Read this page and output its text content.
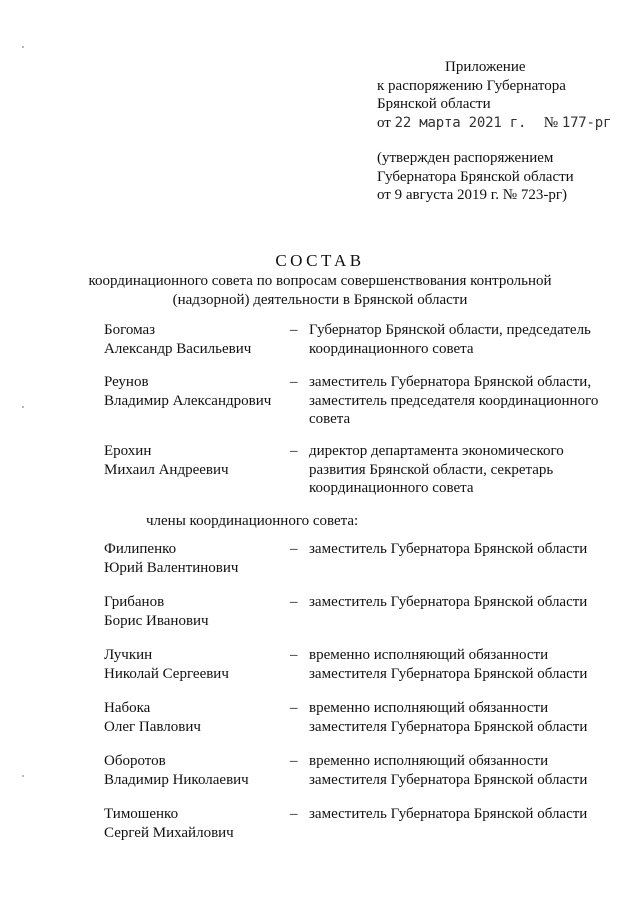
Приложение
к распоряжению Губернатора
Брянской области
от 22 марта 2021 г. № 177-рг
(утвержден распоряжением
Губернатора Брянской области
от 9 августа 2019 г. № 723-рг)
СОСТАВ
координационного совета по вопросам совершенствования контрольной
(надзорной) деятельности в Брянской области
Богомаз
Александр Васильевич
– Губернатор Брянской области, председатель координационного совета
Реунов
Владимир Александрович
– заместитель Губернатора Брянской области, заместитель председателя координационного совета
Ерохин
Михаил Андреевич
– директор департамента экономического развития Брянской области, секретарь координационного совета
члены координационного совета:
Филипенко
Юрий Валентинович
– заместитель Губернатора Брянской области
Грибанов
Борис Иванович
– заместитель Губернатора Брянской области
Лучкин
Николай Сергеевич
– временно исполняющий обязанности заместителя Губернатора Брянской области
Набока
Олег Павлович
– временно исполняющий обязанности заместителя Губернатора Брянской области
Оборотов
Владимир Николаевич
– временно исполняющий обязанности заместителя Губернатора Брянской области
Тимошенко
Сергей Михайлович
– заместитель Губернатора Брянской области
